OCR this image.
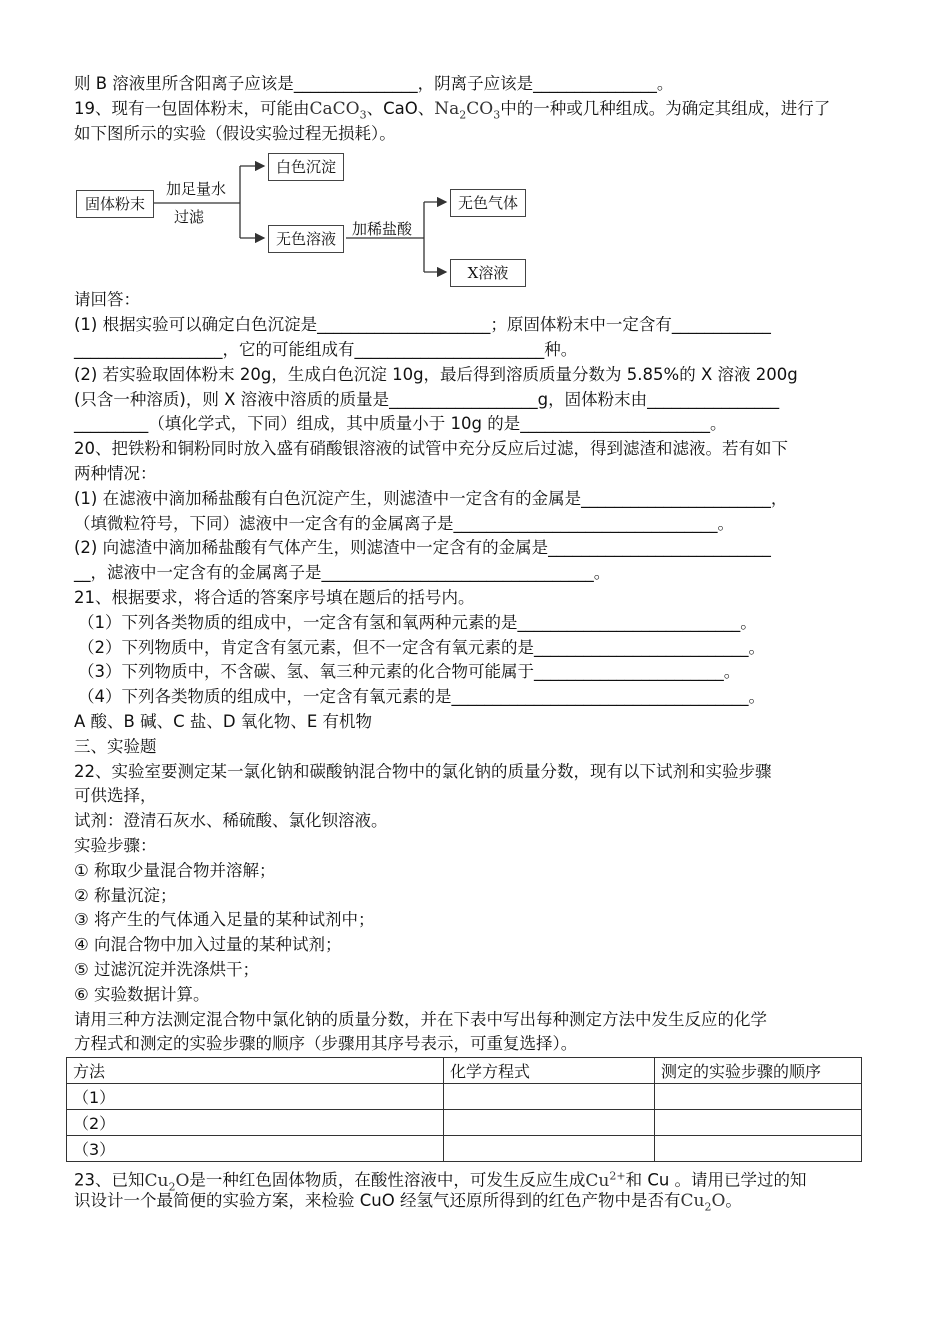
则 B 溶液里所含阳离子应该是_______________，阴离子应该是_______________。
19、现有一包固体粉末，可能由CaCO$_3$、CaO、$Na_2CO_3$中的一种或几种组成。为确定其组成，进行了
如下图所示的实验（假设实验过程无损耗）。
固体粉末
加足量水
过滤
白色沉淀
无色溶液
加稀盐酸
无色气体
X溶液
请回答：
(1) 根据实验可以确定白色沉淀是_____________________；原固体粉末中一定含有____________
__________________，它的可能组成有_______________________种。
(2) 若实验取固体粉末 20g，生成白色沉淀 10g，最后得到溶质质量分数为 5.85%的 X 溶液 200g
(只含一种溶质)，则 X 溶液中溶质的质量是__________________g，固体粉末由________________
_________（填化学式，下同）组成，其中质量小于 10g 的是_______________________。
20、把铁粉和铜粉同时放入盛有硝酸银溶液的试管中充分反应后过滤，得到滤渣和滤液。若有如下
两种情况：
(1) 在滤液中滴加稀盐酸有白色沉淀产生，则滤渣中一定含有的金属是_______________________，
（填微粒符号，下同）滤液中一定含有的金属离子是________________________________。
(2) 向滤渣中滴加稀盐酸有气体产生，则滤渣中一定含有的金属是___________________________
__，滤液中一定含有的金属离子是_________________________________。
21、根据要求，将合适的答案序号填在题后的括号内。
（1）下列各类物质的组成中，一定含有氢和氧两种元素的是___________________________。
（2）下列物质中，肯定含有氢元素，但不一定含有氧元素的是__________________________。
（3）下列物质中，不含碳、氢、氧三种元素的化合物可能属于_______________________。
（4）下列各类物质的组成中，一定含有氧元素的是____________________________________。
A 酸、B 碱、C 盐、D 氧化物、E 有机物
三、实验题
22、实验室要测定某一氯化钠和碳酸钠混合物中的氯化钠的质量分数，现有以下试剂和实验步骤
可供选择，
试剂：澄清石灰水、稀硫酸、氯化钡溶液。
实验步骤：
① 称取少量混合物并溶解；
② 称量沉淀；
③ 将产生的气体通入足量的某种试剂中；
④ 向混合物中加入过量的某种试剂；
⑤ 过滤沉淀并洗涤烘干；
⑥ 实验数据计算。
请用三种方法测定混合物中氯化钠的质量分数，并在下表中写出每种测定方法中发生反应的化学
方程式和测定的实验步骤的顺序（步骤用其序号表示，可重复选择）。
方法	化学方程式	测定的实验步骤的顺序
（1）		
（2）		
（3）		
23、已知$Cu_2O$是一种红色固体物质，在酸性溶液中，可发生反应生成$Cu^{2+}$和 Cu 。请用已学过的知
识设计一个最简便的实验方案，来检验 CuO 经氢气还原所得到的红色产物中是否有$Cu_2O$。
